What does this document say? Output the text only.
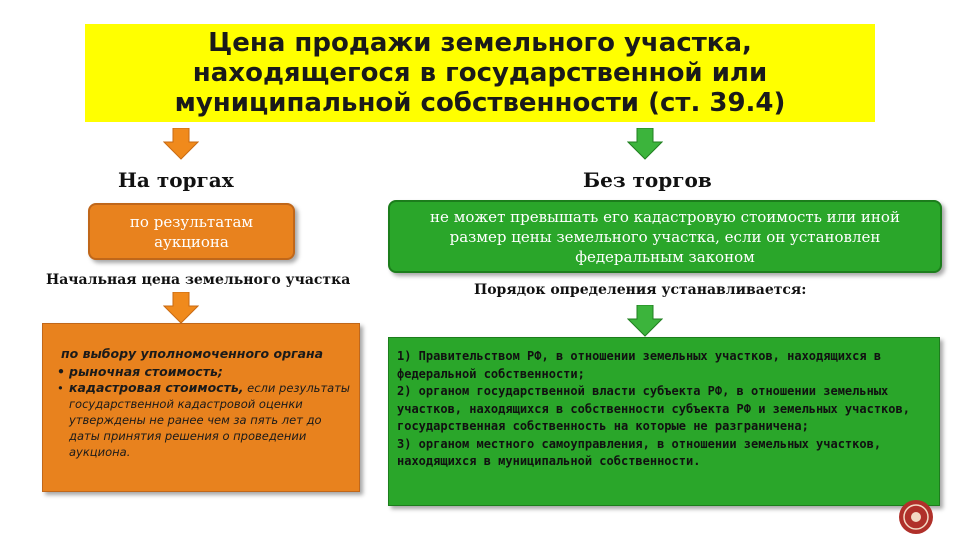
Цена продажи земельного участка, находящегося в государственной или муниципальной собственности (ст. 39.4)
На торгах	Без торгов
по результатам аукциона
не может превышать его кадастровую стоимость или иной размер цены земельного участка, если он установлен федеральным законом
Начальная цена земельного участка
Порядок определения устанавливается:
по выбору уполномоченного органа
• рыночная стоимость;
• кадастровая стоимость, если результаты государственной кадастровой оценки утверждены не ранее чем за пять лет до даты принятия решения о проведении аукциона.

1) Правительством РФ, в отношении земельных участков, находящихся в федеральной собственности;

2) органом государственной власти субъекта РФ, в отношении земельных участков, находящихся в собственности субъекта РФ и земельных участков, государственная собственность на которые не разграничена;

3) органом местного самоуправления, в отношении земельных участков, находящихся в муниципальной собственности.
